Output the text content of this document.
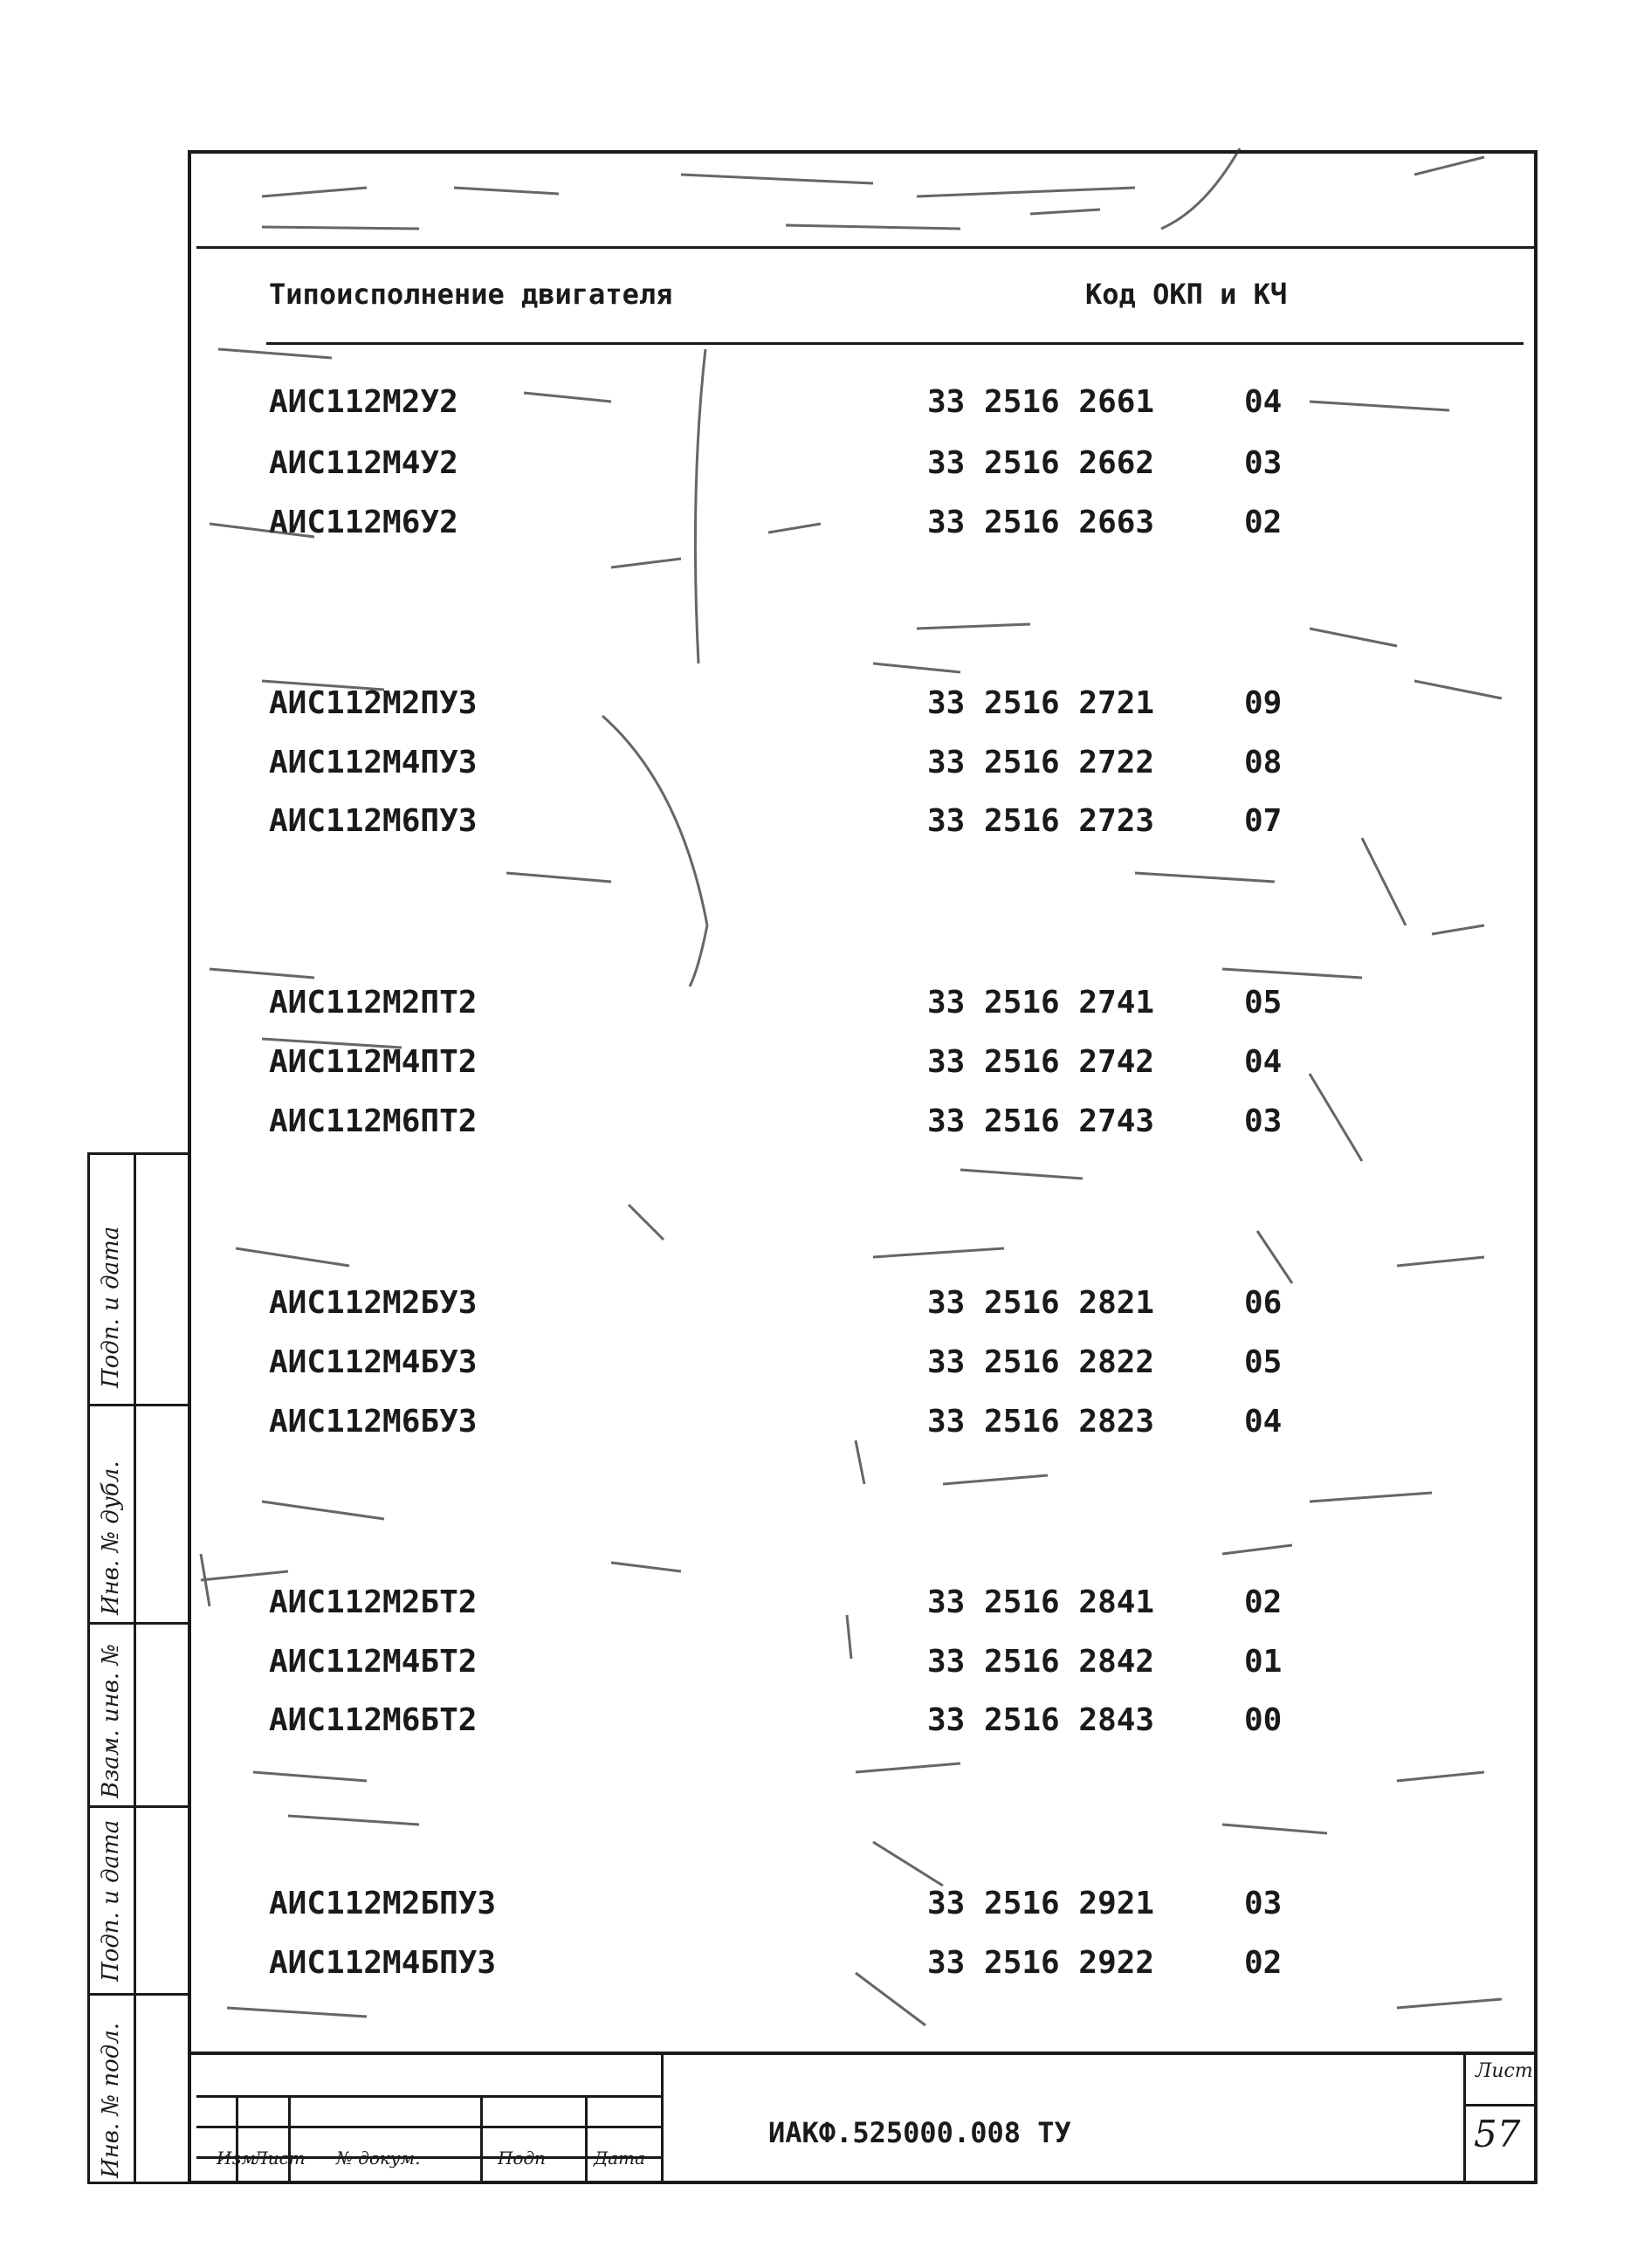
Типоисполнение двигателя	Код ОКП и КЧ
АИС112М2У2	33 2516 2661	04
АИС112М4У2	33 2516 2662	03
АИС112М6У2	33 2516 2663	02
АИС112М2ПУ3	33 2516 2721	09
АИС112М4ПУ3	33 2516 2722	08
АИС112М6ПУ3	33 2516 2723	07
АИС112М2ПТ2	33 2516 2741	05
АИС112М4ПТ2	33 2516 2742	04
АИС112М6ПТ2	33 2516 2743	03
АИС112М2БУ3	33 2516 2821	06
АИС112М4БУ3	33 2516 2822	05
АИС112М6БУ3	33 2516 2823	04
АИС112М2БТ2	33 2516 2841	02
АИС112М4БТ2	33 2516 2842	01
АИС112М6БТ2	33 2516 2843	00
АИС112М2БПУ3	33 2516 2921	03
АИС112М4БПУ3	33 2516 2922	02
Изм
Лист № докум.	Подп	Дата
ИАКФ.525000.008 ТУ
Лист
57
Подп. и дата
Инв. № дубл.
Взам. инв. №
Подп. и дата
Инв. № подл.
